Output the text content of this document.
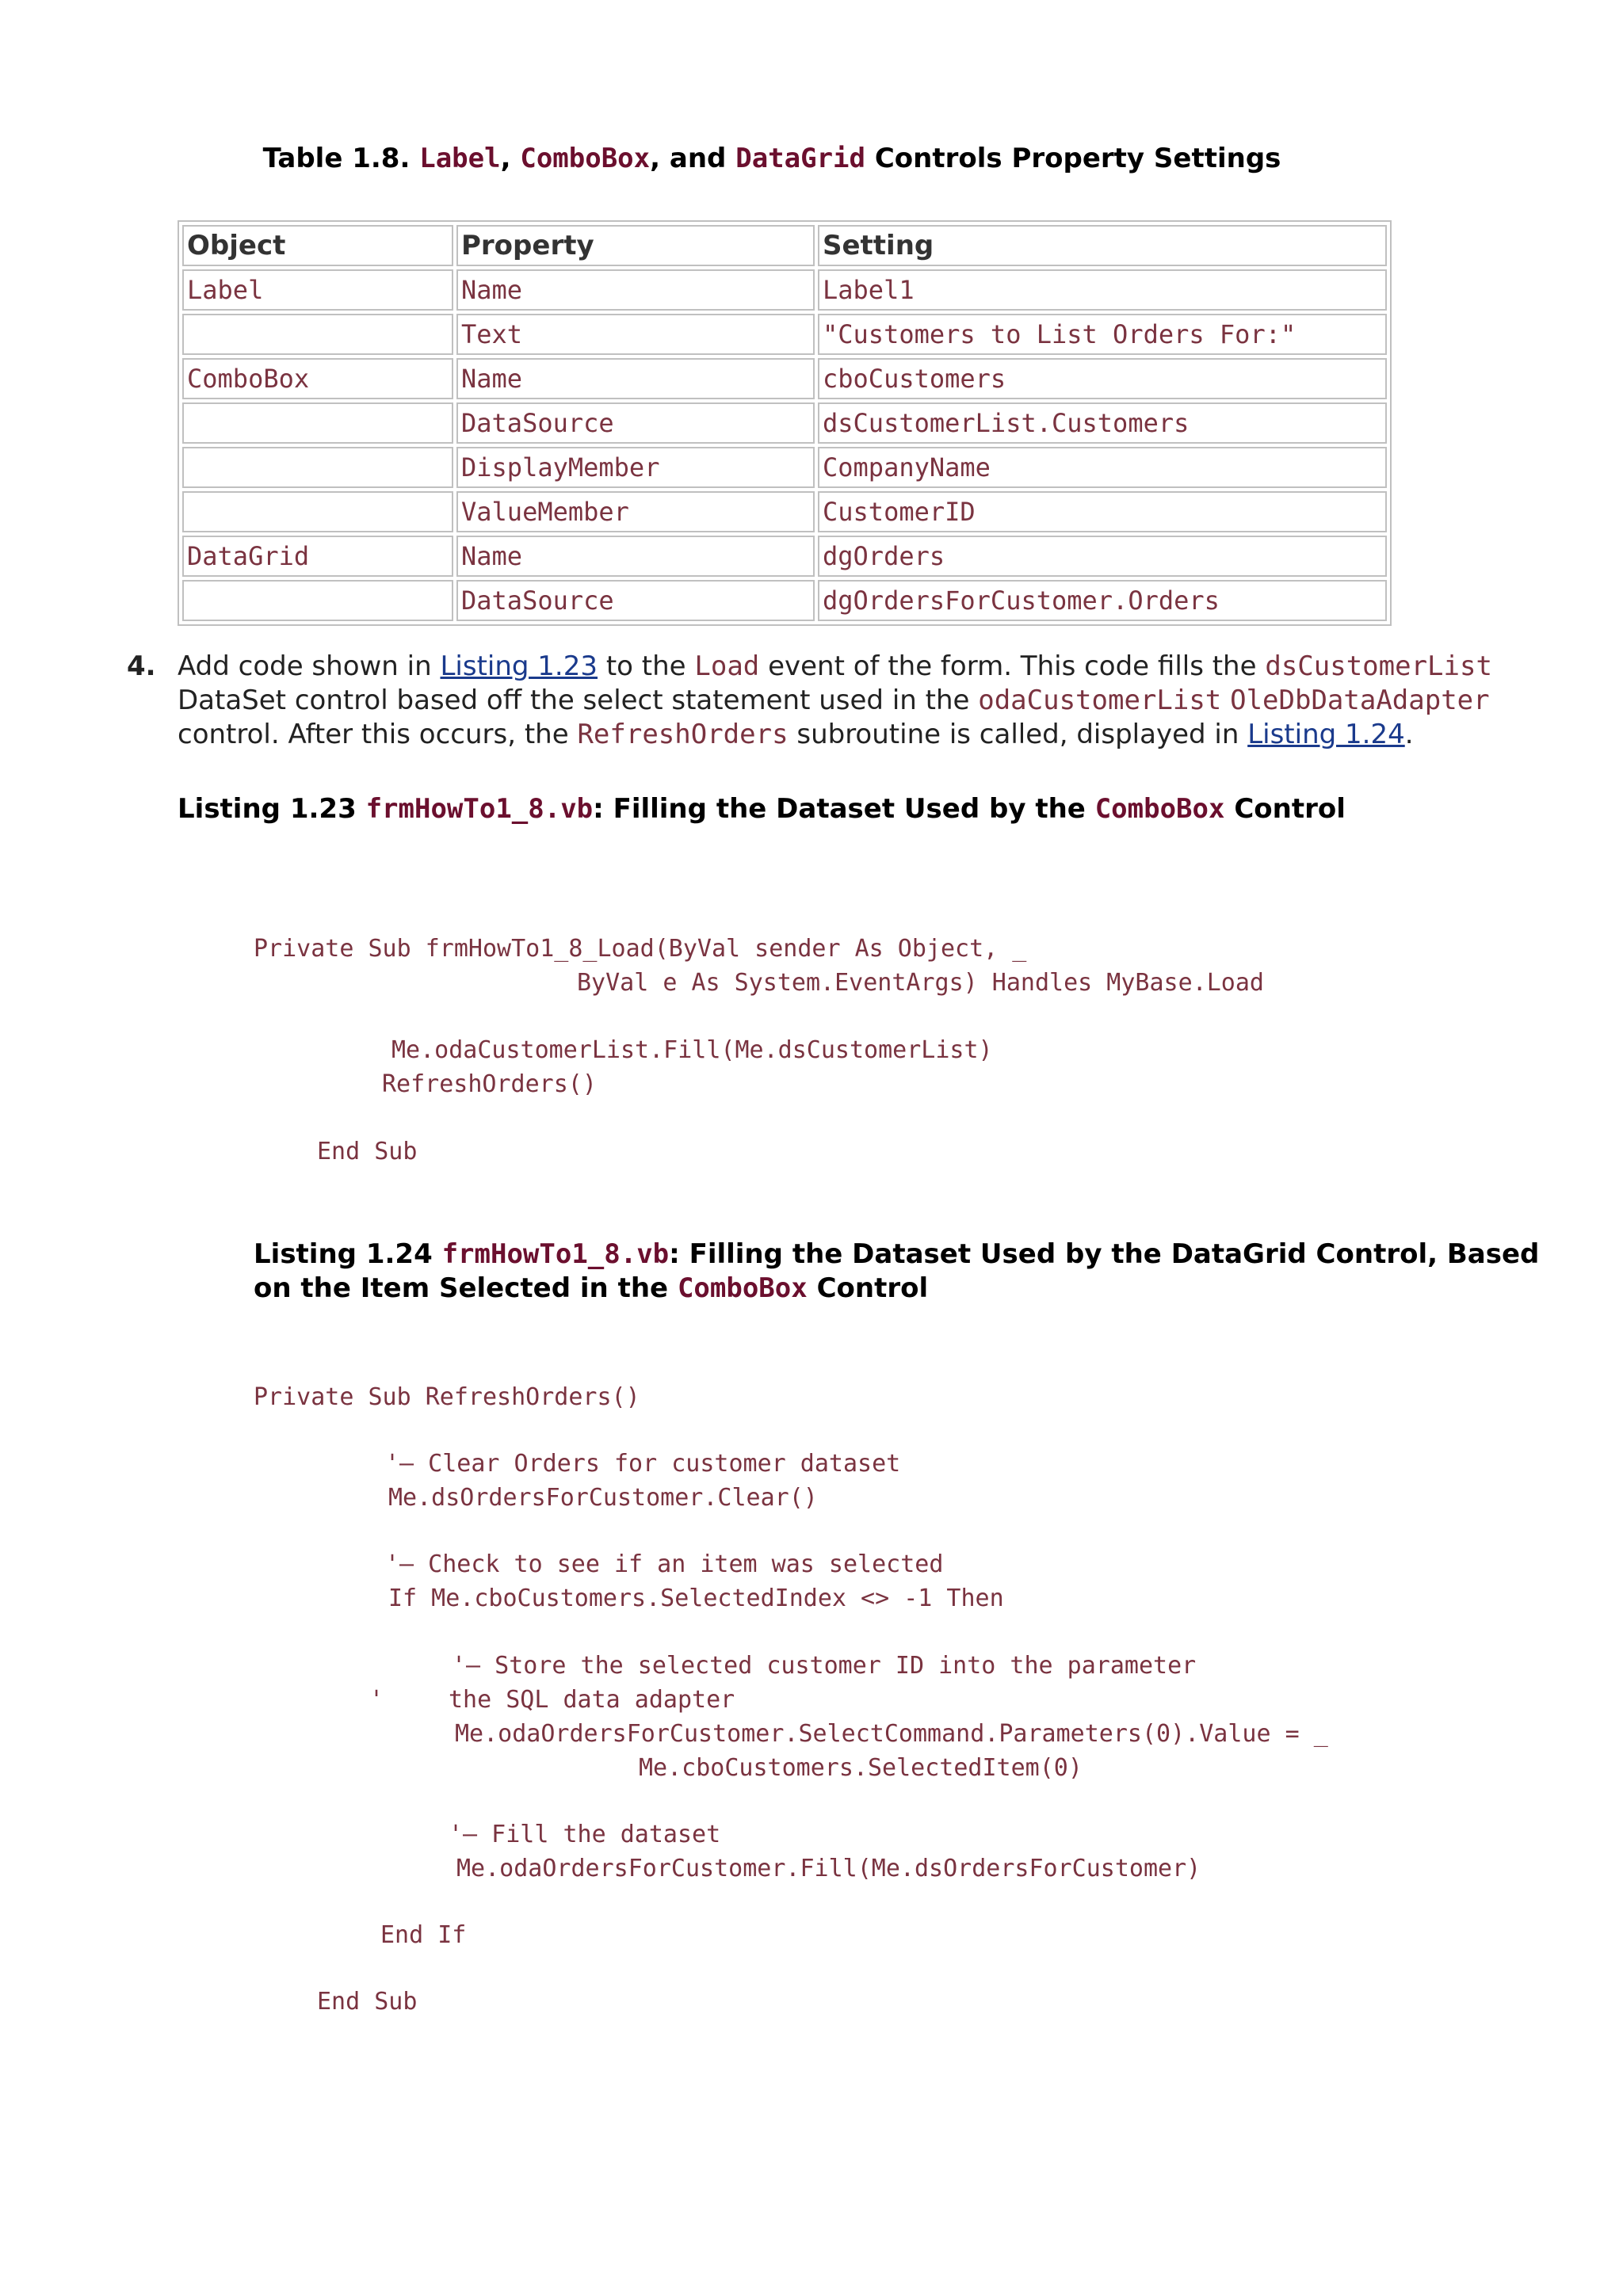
Table 1.8. Label, ComboBox, and DataGrid Controls Property Settings
Object	Property	Setting
Label	Name	Label1
	Text	"Customers to List Orders For:"
ComboBox	Name	cboCustomers
	DataSource	dsCustomerList.Customers
	DisplayMember	CompanyName
	ValueMember	CustomerID
DataGrid	Name	dgOrders
	DataSource	dgOrdersForCustomer.Orders
4. Add code shown in Listing 1.23 to the Load event of the form. This code fills the dsCustomerList DataSet control based off the select statement used in the odaCustomerList OleDbDataAdapter control. After this occurs, the RefreshOrders subroutine is called, displayed in Listing 1.24.
Listing 1.23 frmHowTo1_8.vb: Filling the Dataset Used by the ComboBox Control
Private Sub frmHowTo1_8_Load(ByVal sender As Object, _
ByVal e As System.EventArgs) Handles MyBase.Load
Me.odaCustomerList.Fill(Me.dsCustomerList)
RefreshOrders()
End Sub
Listing 1.24 frmHowTo1_8.vb: Filling the Dataset Used by the DataGrid Control, Based
on the Item Selected in the ComboBox Control
Private Sub RefreshOrders()
'— Clear Orders for customer dataset
Me.dsOrdersForCustomer.Clear()
'— Check to see if an item was selected
If Me.cboCustomers.SelectedIndex <> -1 Then
'— Store the selected customer ID into the parameter
'	the SQL data adapter
Me.odaOrdersForCustomer.SelectCommand.Parameters(0).Value = _
Me.cboCustomers.SelectedItem(0)
'— Fill the dataset
Me.odaOrdersForCustomer.Fill(Me.dsOrdersForCustomer)
End If
End Sub
